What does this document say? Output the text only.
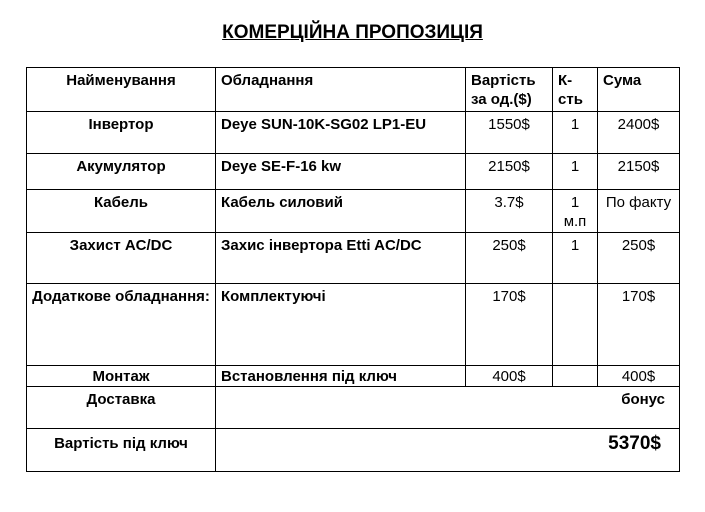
КОМЕРЦІЙНА ПРОПОЗИЦІЯ
Найменування	Обладнання	Вартість за од.($)	К-сть	Сума
Інвертор	Deye SUN-10K-SG02 LP1-EU	1550$	1	2400$
Акумулятор	Deye SE-F-16 kw	2150$	1	2150$
Кабель	Кабель силовий	3.7$	1 м.п	По факту
Захист AC/DC	Захис інвертора Etti AC/DC	250$	1	250$
Додаткове обладнання:	Комплектуючі	170$		170$
Монтаж	Встановлення під ключ	400$		400$
Доставка	бонус			
Вартість під ключ	5370$			
